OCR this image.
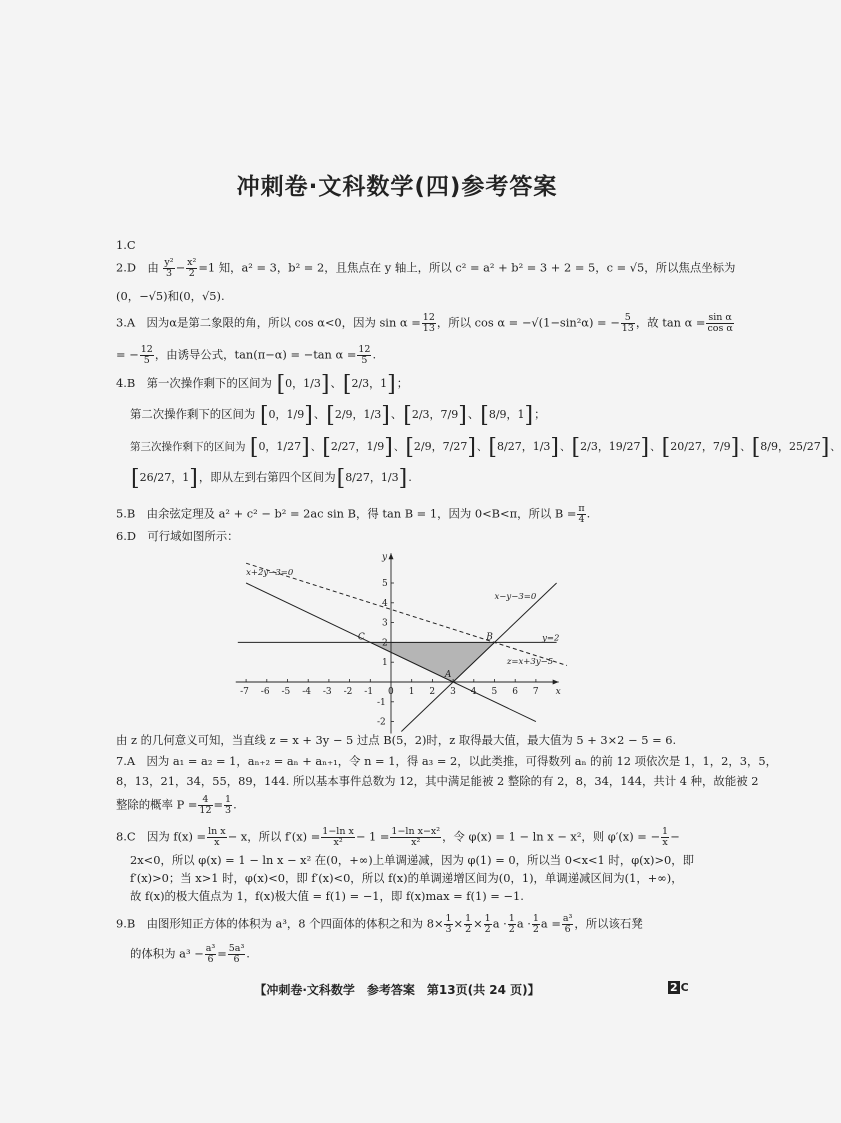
冲刺卷·文科数学(四)参考答案
1.C
2.D　由 $\frac{\text{y²}}{3} - \frac{\text{x²}}{2} =1$ 知，a² = 3，b² = 2，且焦点在 y 轴上，所以 c² = a² + b² = 3 + 2 = 5，c = √5，所以焦点坐标为
(0，−√5)和(0，√5).
3.A　因为α是第二象限的角，所以 cos α<0，因为 $\sin \alpha = \frac{12}{13}$ ，所以 cos α = −√(1−sin²α) = − $\frac{5}{13}$ ，故 $\tan \alpha = \frac{\text{sin α}}{\text{cos α}}$
= − $\frac{12}{5}$ ，由诱导公式，tan(π−α) = −tan $\alpha = \frac{12}{5}$ .
4.B　第一次操作剩下的区间为 [ 0，1/3 ] 、 [ 2/3，1 ] ；
第二次操作剩下的区间为 [ 0，1/9 ] 、 [ 2/9，1/3 ] 、 [ 2/3，7/9 ] 、 [ 8/9，1 ] ；
第三次操作剩下的区间为 [ 0，1/27 ] 、 [ 2/27，1/9 ] 、 [ 2/9，7/27 ] 、 [ 8/27，1/3 ] 、 [ 2/3，19/27 ] 、 [ 20/27，7/9 ] 、 [ 8/9，25/27 ] 、
[ 26/27，1 ] ，即从左到右第四个区间为 [ 8/27，1/3 ] .
5.B　由余弦定理及 a² + c² − b² = 2ac sin B，得 tan B = 1，因为 0<B<π，所以 $B = \frac{\pi}{4}$ .
6.D　可行域如图所示：
-7 -6 -5 -4 -3 -2 -1 0 1 2 3 4 5 6 7
5
4
3
2
1
-1
-2
x
y
x+2y−3=0
x−y−3=0
y=2
z=x+3y−5
A
B
C
由 z 的几何意义可知，当直线 z = x + 3y − 5 过点 B(5，2)时，z 取得最大值，最大值为 5 + 3×2 − 5 = 6.
7.A　因为 a₁ = a₂ = 1，aₙ₊₂ = aₙ + aₙ₊₁，令 n = 1，得 a₃ = 2，以此类推，可得数列 aₙ 的前 12 项依次是 1，1，2，3，5，
8，13，21，34，55，89，144. 所以基本事件总数为 12，其中满足能被 2 整除的有 2，8，34，144，共计 4 种，故能被 2
整除的概率 $P = \frac{4}{12} = \frac{1}{3}$ .
8.C　因为 $f(x) = \frac{\text{ln x}}{x} - x$，所以 $f'(x) = \frac{\text{1−ln x}}{\text{x²}} - 1 = \frac{\text{1−ln x−x²}}{\text{x²}}$ ，令 φ(x) = 1 − ln x − x²，则 φ′(x) = − $\frac{1}{x}$ −
2x<0，所以 φ(x) = 1 − ln x − x² 在(0，+∞)上单调递减，因为 φ(1) = 0，所以当 0<x<1 时，φ(x)>0，即
f′(x)>0；当 x>1 时，φ(x)<0，即 f′(x)<0，所以 f(x)的单调递增区间为(0，1)，单调递减区间为(1，+∞)，
故 f(x)的极大值点为 1，f(x)极大值 = f(1) = −1，即 f(x)max = f(1) = −1.
9.B　由图形知正方体的体积为 a³，8 个四面体的体积之和为 $8\times \frac{1}{3} \times \frac{1}{2} \times \frac{1}{2}$ $a \cdot \frac{1}{2}$ $a \cdot \frac{1}{2}$ $a = \frac{\text{a³}}{6}$ ，所以该石凳
的体积为 $a^3 - \frac{\text{a³}}{6} = \frac{\text{5a³}}{6}$ .
【冲刺卷·文科数学　参考答案　第13页(共 24 页)】	2 C
